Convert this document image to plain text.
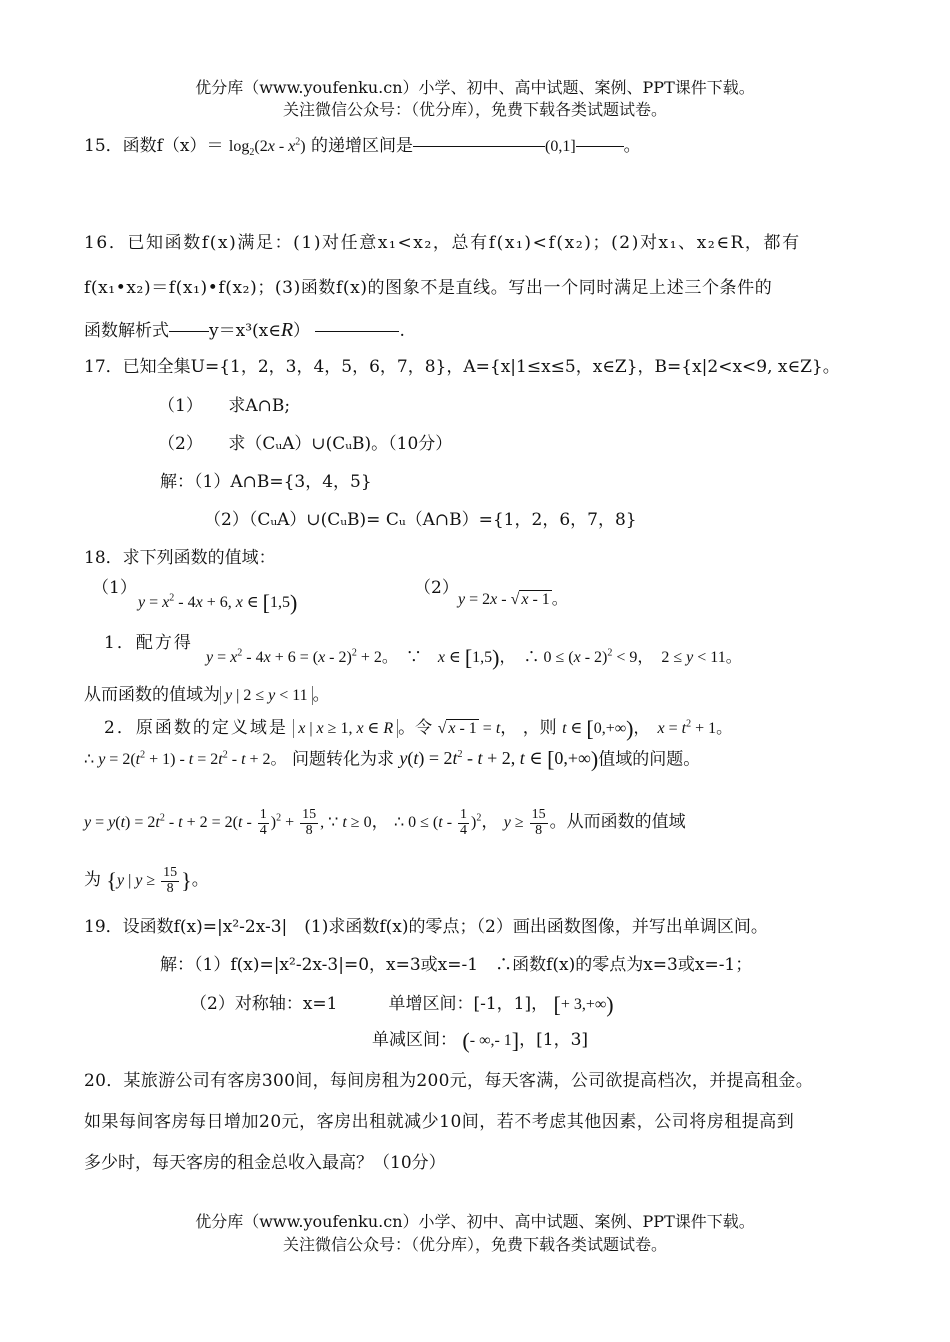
优分库（www.youfenku.cn）小学、初中、高中试题、案例、PPT课件下载。
关注微信公众号：（优分库），免费下载各类试题试卷。
15．函数$f(x)= \log_2(2x - x^2)$ 的递增区间是	(0,1]	。
16．已知函数f(x)满足：(1)对任意x₁<x₂，总有f(x₁)<f(x₂)；(2)对x₁、x₂∈R，都有
f(x₁•x₂)＝f(x₁)•f(x₂)；(3)函数f(x)的图象不是直线。写出一个同时满足上述三个条件的
函数解析式 y＝x³(x∈R）	.
17．已知全集U={1，2，3，4，5，6，7，8}，A={x|1≤x≤5，x∈Z}，B={x|2<x<9, x∈Z}。
（1）　　求A∩B;
（2）　　求（CᵤA）∪(CᵤB)。（10分）
解：（1）A∩B={3，4，5}
（2）（CᵤA）∪(CᵤB)= Cᵤ（A∩B）={1，2，6，7，8}
18．求下列函数的值域：
（1）
$y = x^2 - 4x + 6$, x ∈ [1,5)
（2）
y = 2x - √ x - 1 。
1．配方得
$y = x^2 - 4x + 6 = (x - 2)^2 + 2$。　∵　x ∈ [1,5)，　∴ 0 ≤ (x - 2)$^2$ < 9，　2 ≤ y < 11。
从而函数的值域为 y | 2 ≤ y < 11 。
2．原函数的定义域是 x | x ≥ 1, x ∈ R 。令 √ x - 1 = t， ，则 t ∈ [0,+∞)，　$x = t^2 + 1$。
∴ $y = 2(t^2 + 1) - t = 2t^2 - t + 2$。 问题转化为求 $y(t) = 2t^2 - t + 2$, t ∈ [0,+∞)值域的问题。
$y = y(t) = 2t^2 - t + 2 = 2(t - \frac{1}{4} )^2 + \frac{15}{8}$ , ∵ t ≥ 0， ∴ $0 \le (t - \frac{1}{4} )^2$， $y \ge \frac{15}{8}$ 。从而函数的值域
为 {y | $y \ge \frac{15}{8}$ }。
19．设函数f(x)=|x²-2x-3|　(1)求函数f(x)的零点；（2）画出函数图像，并写出单调区间。
解：（1）f(x)=|x²-2x-3|=0，x=3或x=-1　∴函数f(x)的零点为x=3或x=-1；
（2）对称轴：x=1　　　单增区间：[-1，1]， [+ 3,+∞)
单减区间： (- ∞,- 1]，[1，3]
20．某旅游公司有客房300间，每间房租为200元，每天客满，公司欲提高档次，并提高租金。
如果每间客房每日增加20元，客房出租就减少10间，若不考虑其他因素，公司将房租提高到
多少时，每天客房的租金总收入最高？（10分）
优分库（www.youfenku.cn）小学、初中、高中试题、案例、PPT课件下载。
关注微信公众号：（优分库），免费下载各类试题试卷。
